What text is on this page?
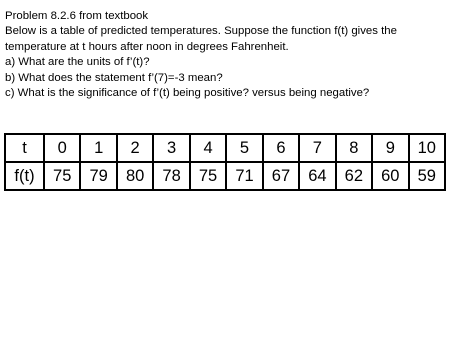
Problem 8.2.6 from textbook
Below is a table of predicted temperatures. Suppose the function f(t) gives the temperature at t hours after noon in degrees Fahrenheit.
a) What are the units of f’(t)?
b) What does the statement f’(7)=-3 mean?
c) What is the significance of f’(t) being positive? versus being negative?
t	0	1	2	3	4	5	6	7	8	9	10
f(t)	75	79	80	78	75	71	67	64	62	60	59
